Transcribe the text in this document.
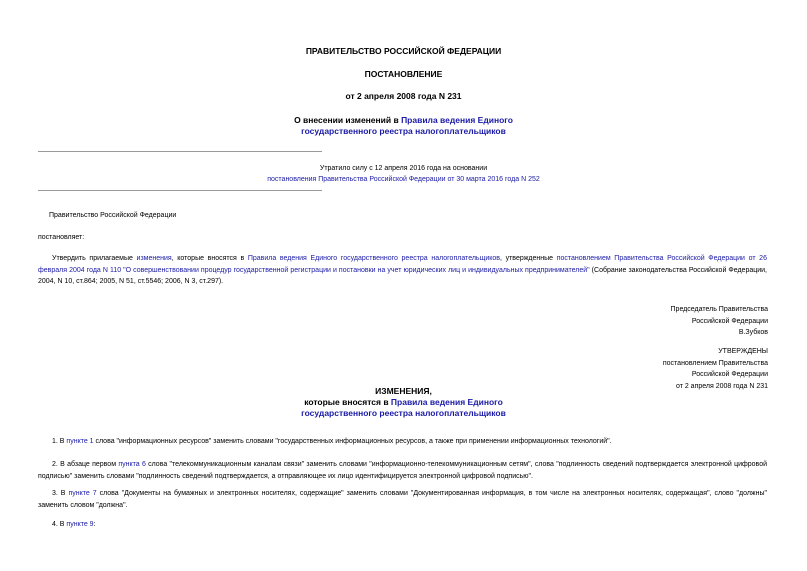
ПРАВИТЕЛЬСТВО РОССИЙСКОЙ ФЕДЕРАЦИИ
ПОСТАНОВЛЕНИЕ
от 2 апреля 2008 года N 231
О внесении изменений в Правила ведения Единого
государственного реестра налогоплательщиков
Утратило силу с 12 апреля 2016 года на основании
постановления Правительства Российской Федерации от 30 марта 2016 года N 252
Правительство Российской Федерации
постановляет:
Утвердить прилагаемые изменения, которые вносятся в Правила ведения Единого государственного реестра налогоплательщиков, утвержденные постановлением Правительства Российской Федерации от 26 февраля 2004 года N 110 "О совершенствовании процедур государственной регистрации и постановки на учет юридических лиц и индивидуальных предпринимателей" (Собрание законодательства Российской Федерации, 2004, N 10, ст.864; 2005, N 51, ст.5546; 2006, N 3, ст.297).
Председатель Правительства
Российской Федерации
В.Зубков
УТВЕРЖДЕНЫ
постановлением Правительства
Российской Федерации
от 2 апреля 2008 года N 231
ИЗМЕНЕНИЯ,
которые вносятся в Правила ведения Единого
государственного реестра налогоплательщиков
1. В пункте 1 слова "информационных ресурсов" заменить словами "государственных информационных ресурсов, а также при применении информационных технологий".
2. В абзаце первом пункта 6 слова "телекоммуникационным каналам связи" заменить словами "информационно-телекоммуникационным сетям", слова "подлинность сведений подтверждается электронной цифровой подписью" заменить словами "подлинность сведений подтверждается, а отправляющее их лицо идентифицируется электронной цифровой подписью".
3. В пункте 7 слова "Документы на бумажных и электронных носителях, содержащие" заменить словами "Документированная информация, в том числе на электронных носителях, содержащая", слово "должны" заменить словом "должна".
4. В пункте 9:
